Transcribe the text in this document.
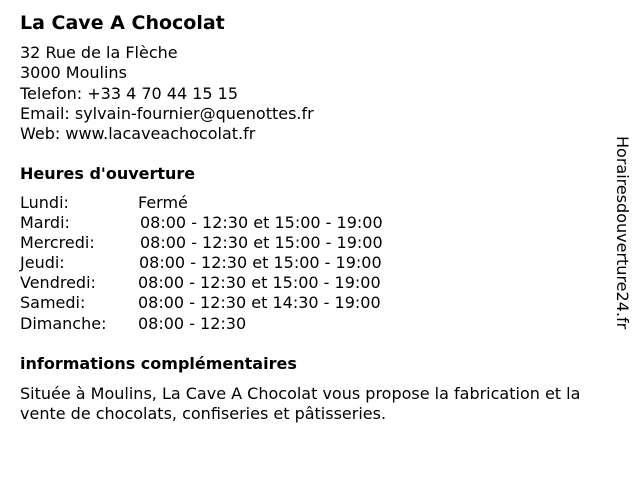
La Cave A Chocolat
32 Rue de la Flèche
3000 Moulins
Telefon: +33 4 70 44 15 15
Email: sylvain-fournier@quenottes.fr
Web: www.lacaveachocolat.fr
Heures d'ouverture
Lundi:	Fermé
Mardi:	08:00 - 12:30 et 15:00 - 19:00
Mercredi:	08:00 - 12:30 et 15:00 - 19:00
Jeudi:	08:00 - 12:30 et 15:00 - 19:00
Vendredi:	08:00 - 12:30 et 15:00 - 19:00
Samedi:	08:00 - 12:30 et 14:30 - 19:00
Dimanche: 08:00 - 12:30
informations complémentaires
Située à Moulins, La Cave A Chocolat vous propose la fabrication et la
vente de chocolats, confiseries et pâtisseries.
Horairesdouverture24.fr
